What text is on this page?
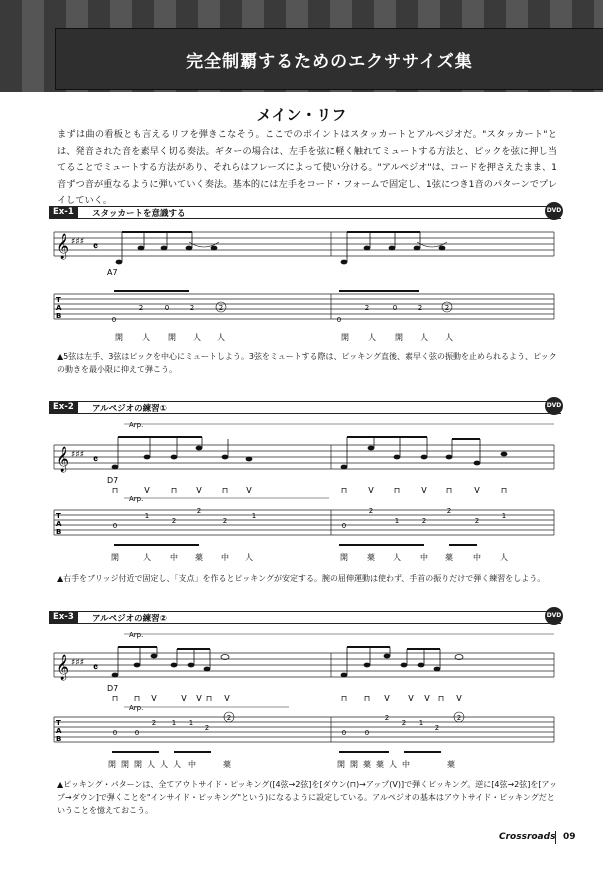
完全制覇するためのエクササイズ集
メイン・リフ
まずは曲の看板とも言えるリフを弾きこなそう。ここでのポイントはスタッカートとアルペジオだ。"スタッカート"とは、発音された音を素早く切る奏法。ギターの場合は、左手を弦に軽く触れてミュートする方法と、ピックを弦に押し当てることでミュートする方法があり、それらはフレーズによって使い分ける。"アルペジオ"は、コードを押さえたまま、1音ずつ音が重なるように弾いていく奏法。基本的には左手をコード・フォームで固定し、1弦につき1音のパターンでプレイしていく。
Ex-1	スタッカートを意識する	DVD
𝄞 ♯♯♯ 𝄴
T
A
B
A7
0
2	0	2	2
0
2	0	2	2
開 人 開 人 人	開 人 開 人 人
▲5弦は左手、3弦はピックを中心にミュートしよう。3弦をミュートする際は、ピッキング直後、素早く弦の振動を止められるよう、ピックの動きを最小限に抑えて弾こう。
Ex-2	アルペジオの練習①	DVD
𝄞 ♯♯♯ 𝄴
T
A
B
Arp.
Arp.
D7
⊓	V	⊓ V	⊓ V	⊓	V	⊓	V ⊓	V	⊓
0
1
2
2
2
1
0
2
1	2
2
2
1
開	人 中 薬 中 人	開 薬 人 中 薬	中 人
▲右手をブリッジ付近で固定し、「支点」を作るとピッキングが安定する。腕の屈伸運動は使わず、手首の振りだけで弾く練習をしよう。
Ex-3	アルペジオの練習②	DVD
𝄞 ♯♯♯ 𝄴
T
A
B
Arp.
Arp.
D7
⊓ ⊓ V	V V ⊓ V	⊓ ⊓ V V V ⊓ V
0	0
2 1 1
2
2
0	0
2
2 1
2
2
開 開 開 人 人 人 中	薬	開 開 薬 薬 人 中	薬
▲ピッキング・パターンは、全てアウトサイド・ピッキング([4弦→2弦]を[ダウン(⊓)→アップ(V)]で弾くピッキング。逆に[4弦→2弦]を[アップ→ダウン]で弾くことを"インサイド・ピッキング"という)になるように設定している。アルペジオの基本はアウトサイド・ピッキングだということを憶えておこう。
Crossroads 09
